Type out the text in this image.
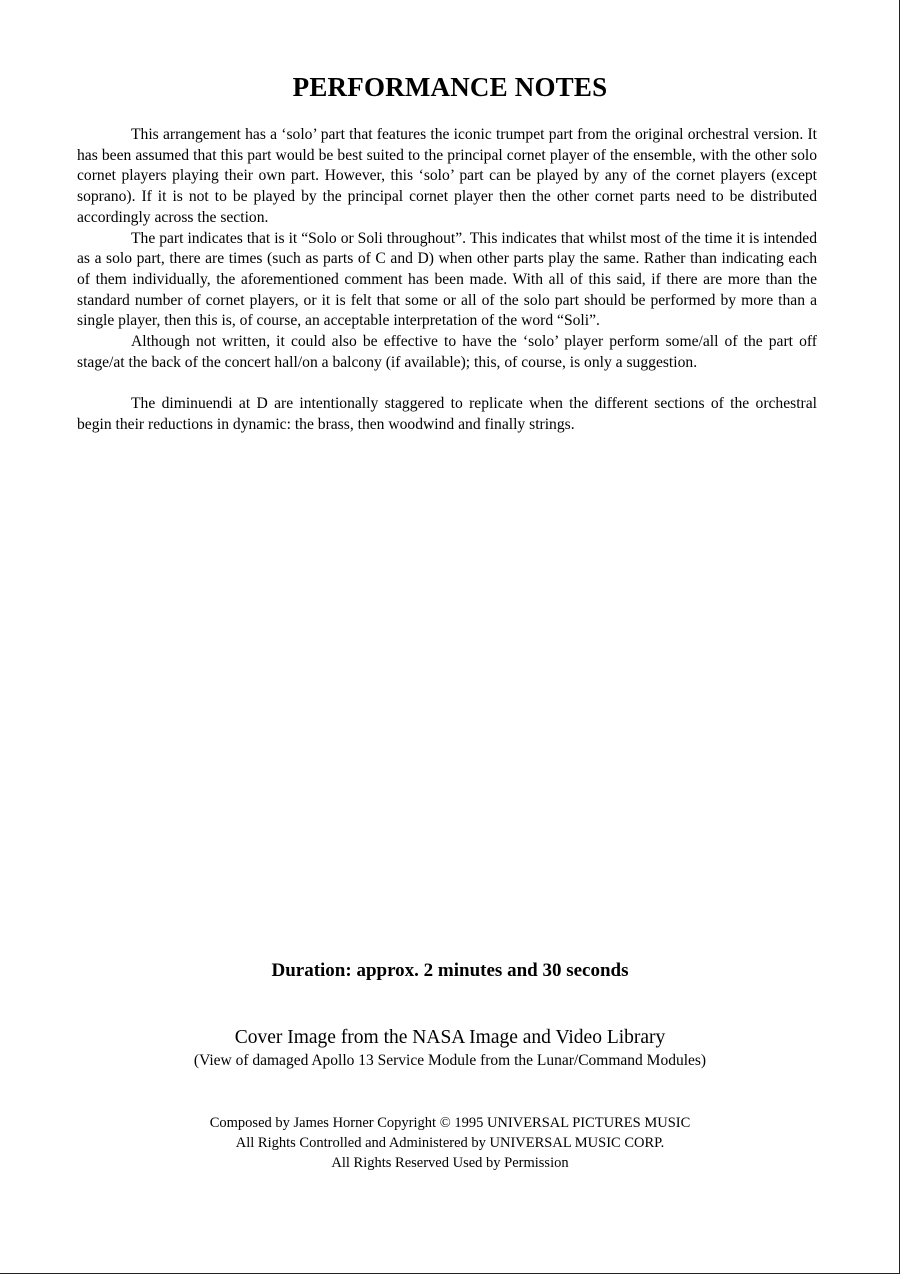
PERFORMANCE NOTES

This arrangement has a ‘solo’ part that features the iconic trumpet part from the original orchestral version. It has been assumed that this part would be best suited to the principal cornet player of the ensemble, with the other solo cornet players playing their own part. However, this ‘solo’ part can be played by any of the cornet players (except soprano). If it is not to be played by the principal cornet player then the other cornet parts need to be distributed accordingly across the section.

The part indicates that is it “Solo or Soli throughout”. This indicates that whilst most of the time it is intended as a solo part, there are times (such as parts of C and D) when other parts play the same. Rather than indicating each of them individually, the aforementioned comment has been made. With all of this said, if there are more than the standard number of cornet players, or it is felt that some or all of the solo part should be performed by more than a single player, then this is, of course, an acceptable interpretation of the word “Soli”.

Although not written, it could also be effective to have the ‘solo’ player perform some/all of the part off stage/at the back of the concert hall/on a balcony (if available); this, of course, is only a suggestion.

The diminuendi at D are intentionally staggered to replicate when the different sections of the orchestral begin their reductions in dynamic: the brass, then woodwind and finally strings.

Duration: approx. 2 minutes and 30 seconds
Cover Image from the NASA Image and Video Library
(View of damaged Apollo 13 Service Module from the Lunar/Command Modules)
Composed by James Horner Copyright © 1995 UNIVERSAL PICTURES MUSIC
All Rights Controlled and Administered by UNIVERSAL MUSIC CORP.
All Rights Reserved Used by Permission
